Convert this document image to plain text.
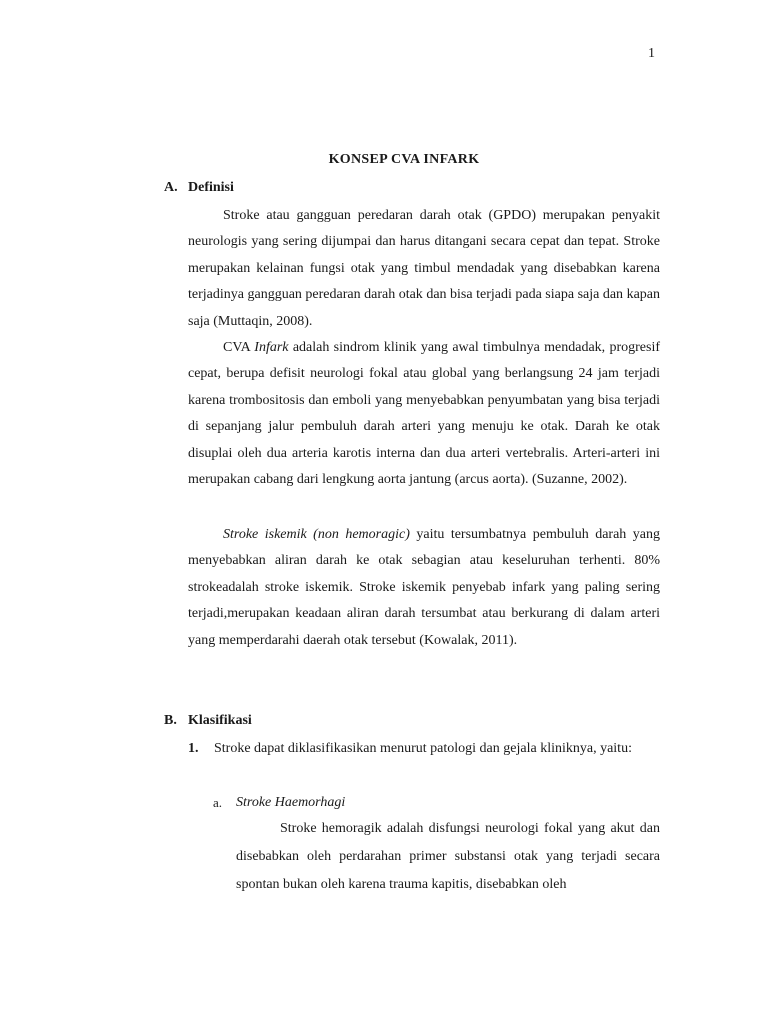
1
KONSEP CVA INFARK
A. Definisi

Stroke atau gangguan peredaran darah otak (GPDO) merupakan penyakit neurologis yang sering dijumpai dan harus ditangani secara cepat dan tepat. Stroke merupakan kelainan fungsi otak yang timbul mendadak yang disebabkan karena terjadinya gangguan peredaran darah otak dan bisa terjadi pada siapa saja dan kapan saja (Muttaqin, 2008).

CVA Infark adalah sindrom klinik yang awal timbulnya mendadak, progresif cepat, berupa defisit neurologi fokal atau global yang berlangsung 24 jam terjadi karena trombositosis dan emboli yang menyebabkan penyumbatan yang bisa terjadi di sepanjang jalur pembuluh darah arteri yang menuju ke otak. Darah ke otak disuplai oleh dua arteria karotis interna dan dua arteri vertebralis. Arteri-arteri ini merupakan cabang dari lengkung aorta jantung (arcus aorta). (Suzanne, 2002).

Stroke iskemik (non hemoragic) yaitu tersumbatnya pembuluh darah yang menyebabkan aliran darah ke otak sebagian atau keseluruhan terhenti. 80% strokeadalah stroke iskemik. Stroke iskemik penyebab infark yang paling sering terjadi,merupakan keadaan aliran darah tersumbat atau berkurang di dalam arteri yang memperdarahi daerah otak tersebut (Kowalak, 2011).

B. Klasifikasi
1. Stroke dapat diklasifikasikan menurut patologi dan gejala kliniknya, yaitu:
a. Stroke Haemorhagi

Stroke hemoragik adalah disfungsi neurologi fokal yang akut dan disebabkan oleh perdarahan primer substansi otak yang terjadi secara spontan bukan oleh karena trauma kapitis, disebabkan oleh
